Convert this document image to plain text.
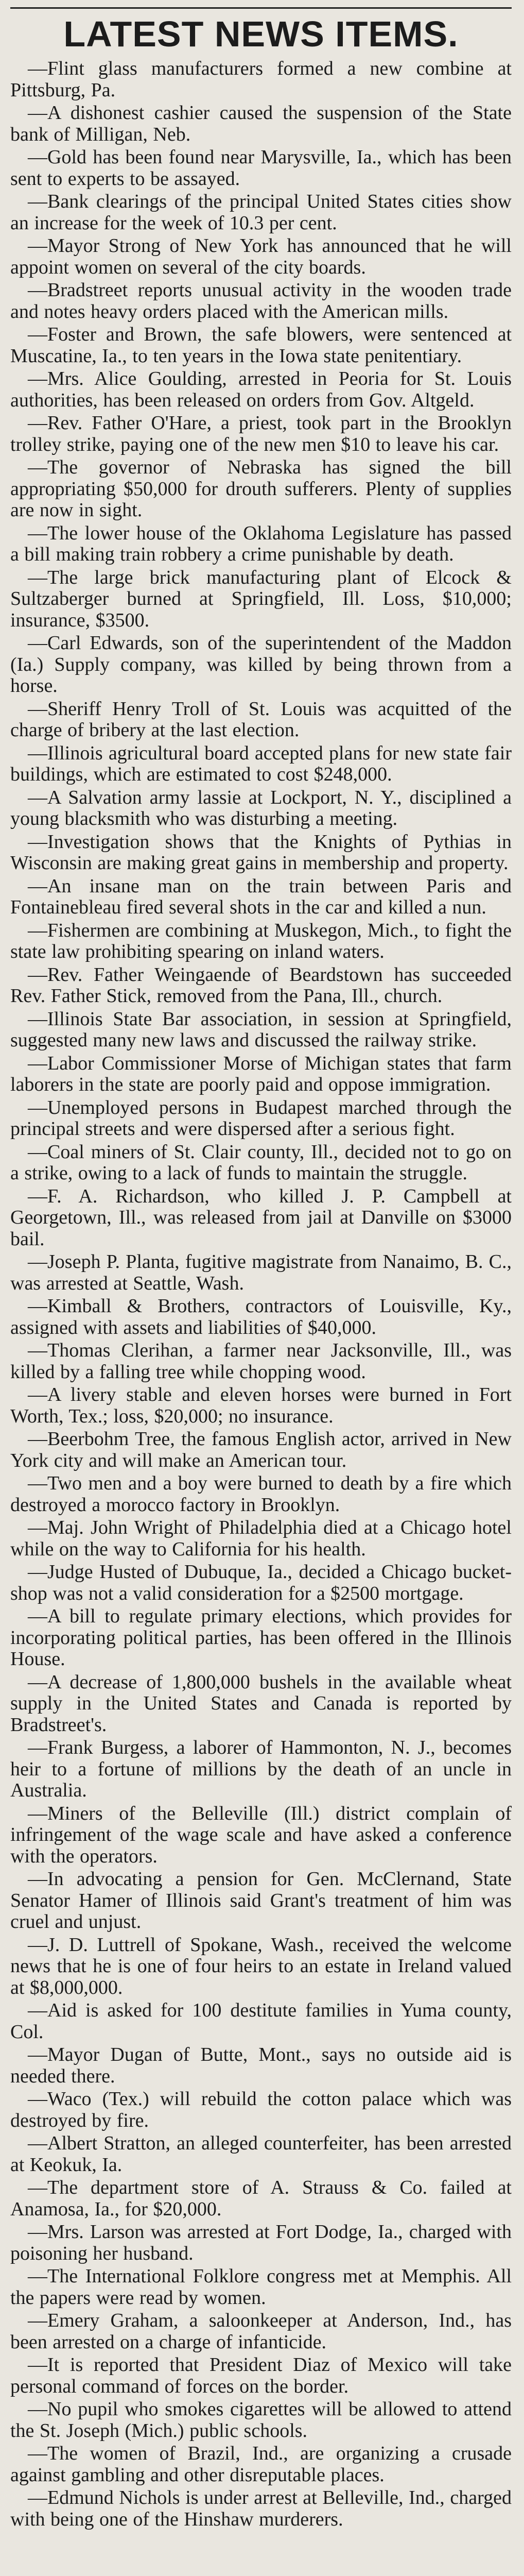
LATEST NEWS ITEMS.

—Flint glass manufacturers formed a new combine at Pittsburg, Pa.

—A dishonest cashier caused the suspension of the State bank of Milligan, Neb.

—Gold has been found near Marysville, Ia., which has been sent to experts to be assayed.

—Bank clearings of the principal United States cities show an increase for the week of 10.3 per cent.

—Mayor Strong of New York has announced that he will appoint women on several of the city boards.

—Bradstreet reports unusual activity in the wooden trade and notes heavy orders placed with the American mills.

—Foster and Brown, the safe blowers, were sentenced at Muscatine, Ia., to ten years in the Iowa state penitentiary.

—Mrs. Alice Goulding, arrested in Peoria for St. Louis authorities, has been released on orders from Gov. Altgeld.

—Rev. Father O'Hare, a priest, took part in the Brooklyn trolley strike, paying one of the new men $10 to leave his car.

—The governor of Nebraska has signed the bill appropriating $50,000 for drouth sufferers. Plenty of supplies are now in sight.

—The lower house of the Oklahoma Legislature has passed a bill making train robbery a crime punishable by death.

—The large brick manufacturing plant of Elcock & Sultzaberger burned at Springfield, Ill. Loss, $10,000; insurance, $3500.

—Carl Edwards, son of the superintendent of the Maddon (Ia.) Supply company, was killed by being thrown from a horse.

—Sheriff Henry Troll of St. Louis was acquitted of the charge of bribery at the last election.

—Illinois agricultural board accepted plans for new state fair buildings, which are estimated to cost $248,000.

—A Salvation army lassie at Lockport, N. Y., disciplined a young blacksmith who was disturbing a meeting.

—Investigation shows that the Knights of Pythias in Wisconsin are making great gains in membership and property.

—An insane man on the train between Paris and Fontainebleau fired several shots in the car and killed a nun.

—Fishermen are combining at Muskegon, Mich., to fight the state law prohibiting spearing on inland waters.

—Rev. Father Weingaende of Beardstown has succeeded Rev. Father Stick, removed from the Pana, Ill., church.

—Illinois State Bar association, in session at Springfield, suggested many new laws and discussed the railway strike.

—Labor Commissioner Morse of Michigan states that farm laborers in the state are poorly paid and oppose immigration.

—Unemployed persons in Budapest marched through the principal streets and were dispersed after a serious fight.

—Coal miners of St. Clair county, Ill., decided not to go on a strike, owing to a lack of funds to maintain the struggle.

—F. A. Richardson, who killed J. P. Campbell at Georgetown, Ill., was released from jail at Danville on $3000 bail.

—Joseph P. Planta, fugitive magistrate from Nanaimo, B. C., was arrested at Seattle, Wash.

—Kimball & Brothers, contractors of Louisville, Ky., assigned with assets and liabilities of $40,000.

—Thomas Clerihan, a farmer near Jacksonville, Ill., was killed by a falling tree while chopping wood.

—A livery stable and eleven horses were burned in Fort Worth, Tex.; loss, $20,000; no insurance.

—Beerbohm Tree, the famous English actor, arrived in New York city and will make an American tour.

—Two men and a boy were burned to death by a fire which destroyed a morocco factory in Brooklyn.

—Maj. John Wright of Philadelphia died at a Chicago hotel while on the way to California for his health.

—Judge Husted of Dubuque, Ia., decided a Chicago bucket-shop was not a valid consideration for a $2500 mortgage.

—A bill to regulate primary elections, which provides for incorporating political parties, has been offered in the Illinois House.

—A decrease of 1,800,000 bushels in the available wheat supply in the United States and Canada is reported by Bradstreet's.

—Frank Burgess, a laborer of Hammonton, N. J., becomes heir to a fortune of millions by the death of an uncle in Australia.

—Miners of the Belleville (Ill.) district complain of infringement of the wage scale and have asked a conference with the operators.

—In advocating a pension for Gen. McClernand, State Senator Hamer of Illinois said Grant's treatment of him was cruel and unjust.

—J. D. Luttrell of Spokane, Wash., received the welcome news that he is one of four heirs to an estate in Ireland valued at $8,000,000.

—Aid is asked for 100 destitute families in Yuma county, Col.

—Mayor Dugan of Butte, Mont., says no outside aid is needed there.

—Waco (Tex.) will rebuild the cotton palace which was destroyed by fire.

—Albert Stratton, an alleged counterfeiter, has been arrested at Keokuk, Ia.

—The department store of A. Strauss & Co. failed at Anamosa, Ia., for $20,000.

—Mrs. Larson was arrested at Fort Dodge, Ia., charged with poisoning her husband.

—The International Folklore congress met at Memphis. All the papers were read by women.

—Emery Graham, a saloonkeeper at Anderson, Ind., has been arrested on a charge of infanticide.

—It is reported that President Diaz of Mexico will take personal command of forces on the border.

—No pupil who smokes cigarettes will be allowed to attend the St. Joseph (Mich.) public schools.

—The women of Brazil, Ind., are organizing a crusade against gambling and other disreputable places.

—Edmund Nichols is under arrest at Belleville, Ind., charged with being one of the Hinshaw murderers.
